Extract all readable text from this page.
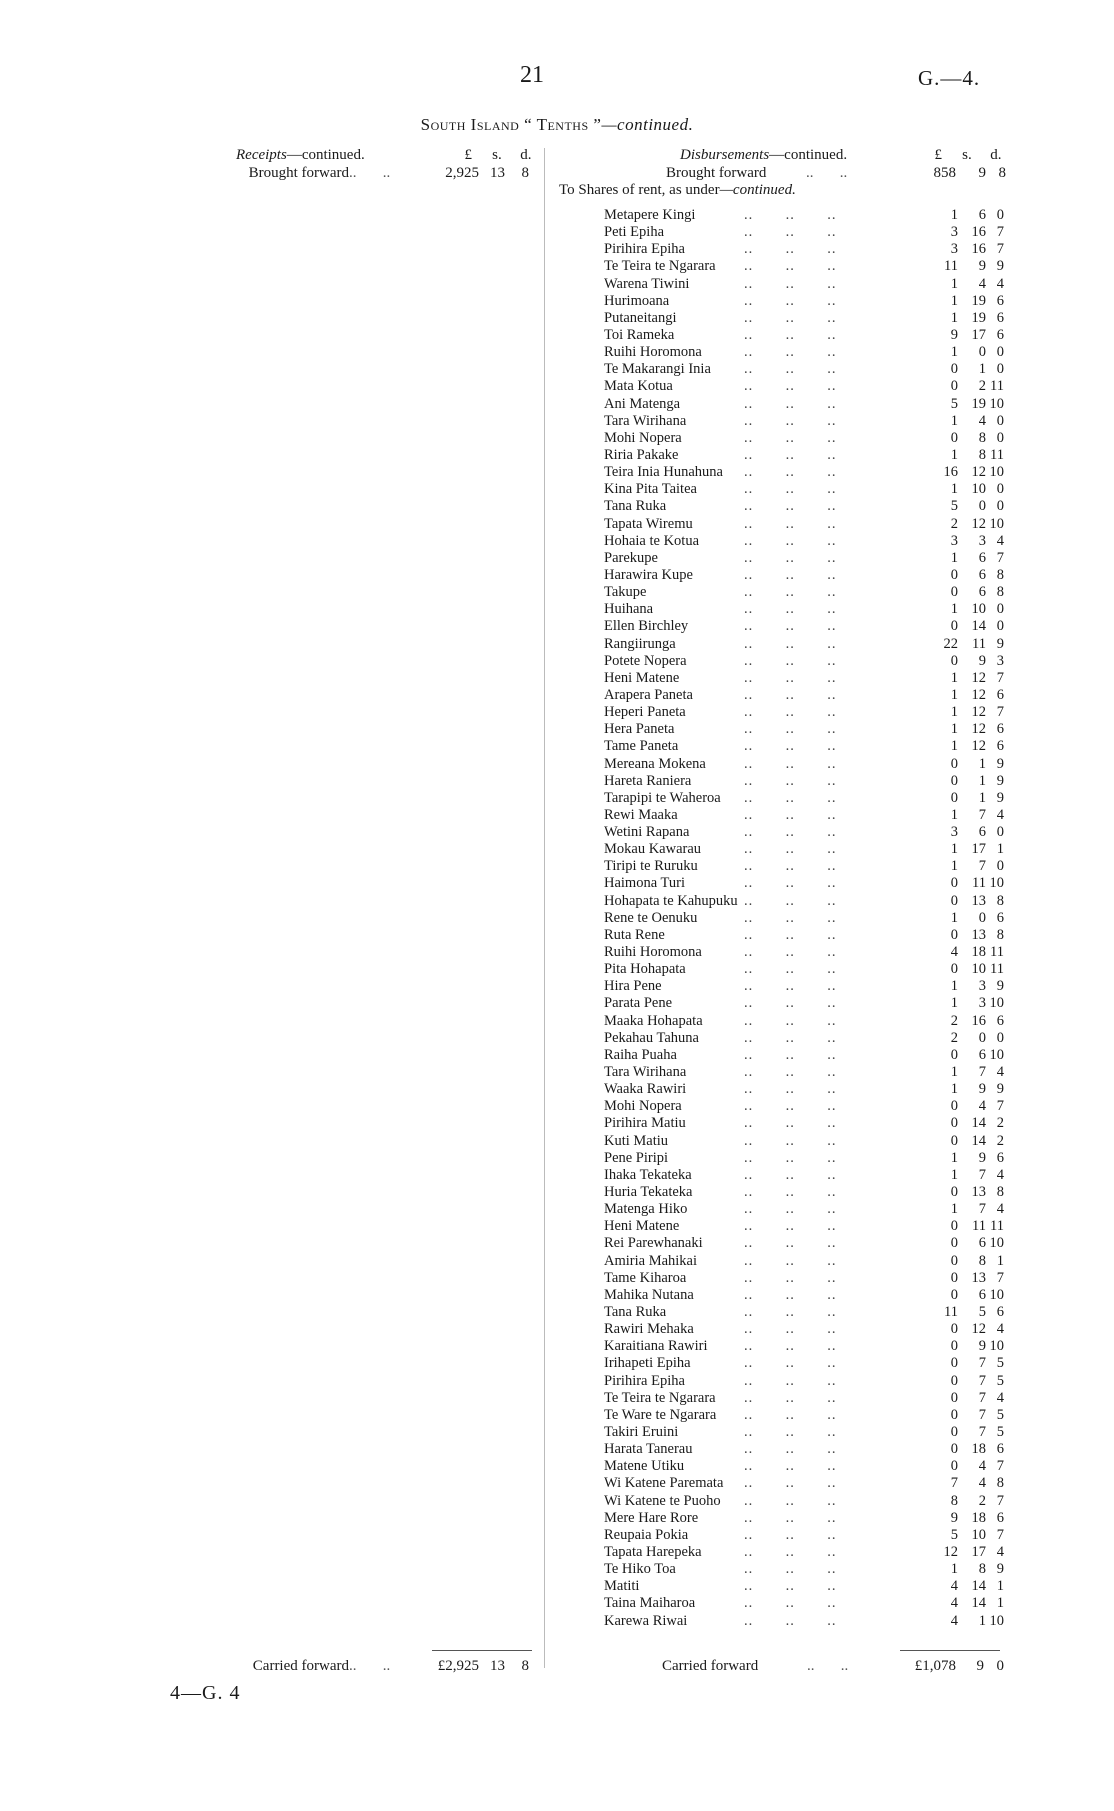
21	G.—4.
South Island “ Tenths ”—continued.
Receipts—continued.	£ s. d.
Brought forward..       ..	2,925 13 8
Disbursements—continued.	£ s. d.
Brought forward	..       ..	858 9 8
To Shares of rent, as under—continued.
Metapere Kingi	..       ..       ..	1 6 0
Peti Epiha	..       ..       ..	3 16 7
Pirihira Epiha	..       ..       ..	3 16 7
Te Teira te Ngarara ..       ..       ..	11 9 9
Warena Tiwini	..       ..       ..	1 4 4
Hurimoana	..       ..       ..	1 19 6
Putaneitangi	..       ..       ..	1 19 6
Toi Rameka	..       ..       ..	9 17 6
Ruihi Horomona	..       ..       ..	1 0 0
Te Makarangi Inia ..       ..       ..	0 1 0
Mata Kotua	..       ..       ..	0 2 11
Ani Matenga	..       ..       ..	5 19 10
Tara Wirihana	..       ..       ..	1 4 0
Mohi Nopera	..       ..       ..	0 8 0
Riria Pakake	..       ..       ..	1 8 11
Teira Inia Hunahuna ..       ..       ..	16 12 10
Kina Pita Taitea	..       ..       ..	1 10 0
Tana Ruka	..       ..       ..	5 0 0
Tapata Wiremu	..       ..       ..	2 12 10
Hohaia te Kotua	..       ..       ..	3 3 4
Parekupe	..       ..       ..	1 6 7
Harawira Kupe	..       ..       ..	0 6 8
Takupe	..       ..       ..	0 6 8
Huihana	..       ..       ..	1 10 0
Ellen Birchley	..       ..       ..	0 14 0
Rangiirunga	..       ..       ..	22 11 9
Potete Nopera	..       ..       ..	0 9 3
Heni Matene	..       ..       ..	1 12 7
Arapera Paneta	..       ..       ..	1 12 6
Heperi Paneta	..       ..       ..	1 12 7
Hera Paneta	..       ..       ..	1 12 6
Tame Paneta	..       ..       ..	1 12 6
Mereana Mokena	..       ..       ..	0 1 9
Hareta Raniera	..       ..       ..	0 1 9
Tarapipi te Waheroa ..       ..       ..	0 1 9
Rewi Maaka	..       ..       ..	1 7 4
Wetini Rapana	..       ..       ..	3 6 0
Mokau Kawarau	..       ..       ..	1 17 1
Tiripi te Ruruku	..       ..       ..	1 7 0
Haimona Turi	..       ..       ..	0 11 10
Hohapata te Kahupuku ..       ..       ..	0 13 8
Rene te Oenuku	..       ..       ..	1 0 6
Ruta Rene	..       ..       ..	0 13 8
Ruihi Horomona	..       ..       ..	4 18 11
Pita Hohapata	..       ..       ..	0 10 11
Hira Pene	..       ..       ..	1 3 9
Parata Pene	..       ..       ..	1 3 10
Maaka Hohapata	..       ..       ..	2 16 6
Pekahau Tahuna	..       ..       ..	2 0 0
Raiha Puaha	..       ..       ..	0 6 10
Tara Wirihana	..       ..       ..	1 7 4
Waaka Rawiri	..       ..       ..	1 9 9
Mohi Nopera	..       ..       ..	0 4 7
Pirihira Matiu	..       ..       ..	0 14 2
Kuti Matiu	..       ..       ..	0 14 2
Pene Piripi	..       ..       ..	1 9 6
Ihaka Tekateka	..       ..       ..	1 7 4
Huria Tekateka	..       ..       ..	0 13 8
Matenga Hiko	..       ..       ..	1 7 4
Heni Matene	..       ..       ..	0 11 11
Rei Parewhanaki	..       ..       ..	0 6 10
Amiria Mahikai	..       ..       ..	0 8 1
Tame Kiharoa	..       ..       ..	0 13 7
Mahika Nutana	..       ..       ..	0 6 10
Tana Ruka	..       ..       ..	11 5 6
Rawiri Mehaka	..       ..       ..	0 12 4
Karaitiana Rawiri	..       ..       ..	0 9 10
Irihapeti Epiha	..       ..       ..	0 7 5
Pirihira Epiha	..       ..       ..	0 7 5
Te Teira te Ngarara ..       ..       ..	0 7 4
Te Ware te Ngarara ..       ..       ..	0 7 5
Takiri Eruini	..       ..       ..	0 7 5
Harata Tanerau	..       ..       ..	0 18 6
Matene Utiku	..       ..       ..	0 4 7
Wi Katene Paremata ..       ..       ..	7 4 8
Wi Katene te Puoho ..       ..       ..	8 2 7
Mere Hare Rore	..       ..       ..	9 18 6
Reupaia Pokia	..       ..       ..	5 10 7
Tapata Harepeka	..       ..       ..	12 17 4
Te Hiko Toa	..       ..       ..	1 8 9
Matiti	..       ..       ..	4 14 1
Taina Maiharoa	..       ..       ..	4 14 1
Karewa Riwai	..       ..       ..	4 1 10
Carried forward..       ..	£2,925 13 8	Carried forward	..       ..	£1,078 9 0
4—G. 4
